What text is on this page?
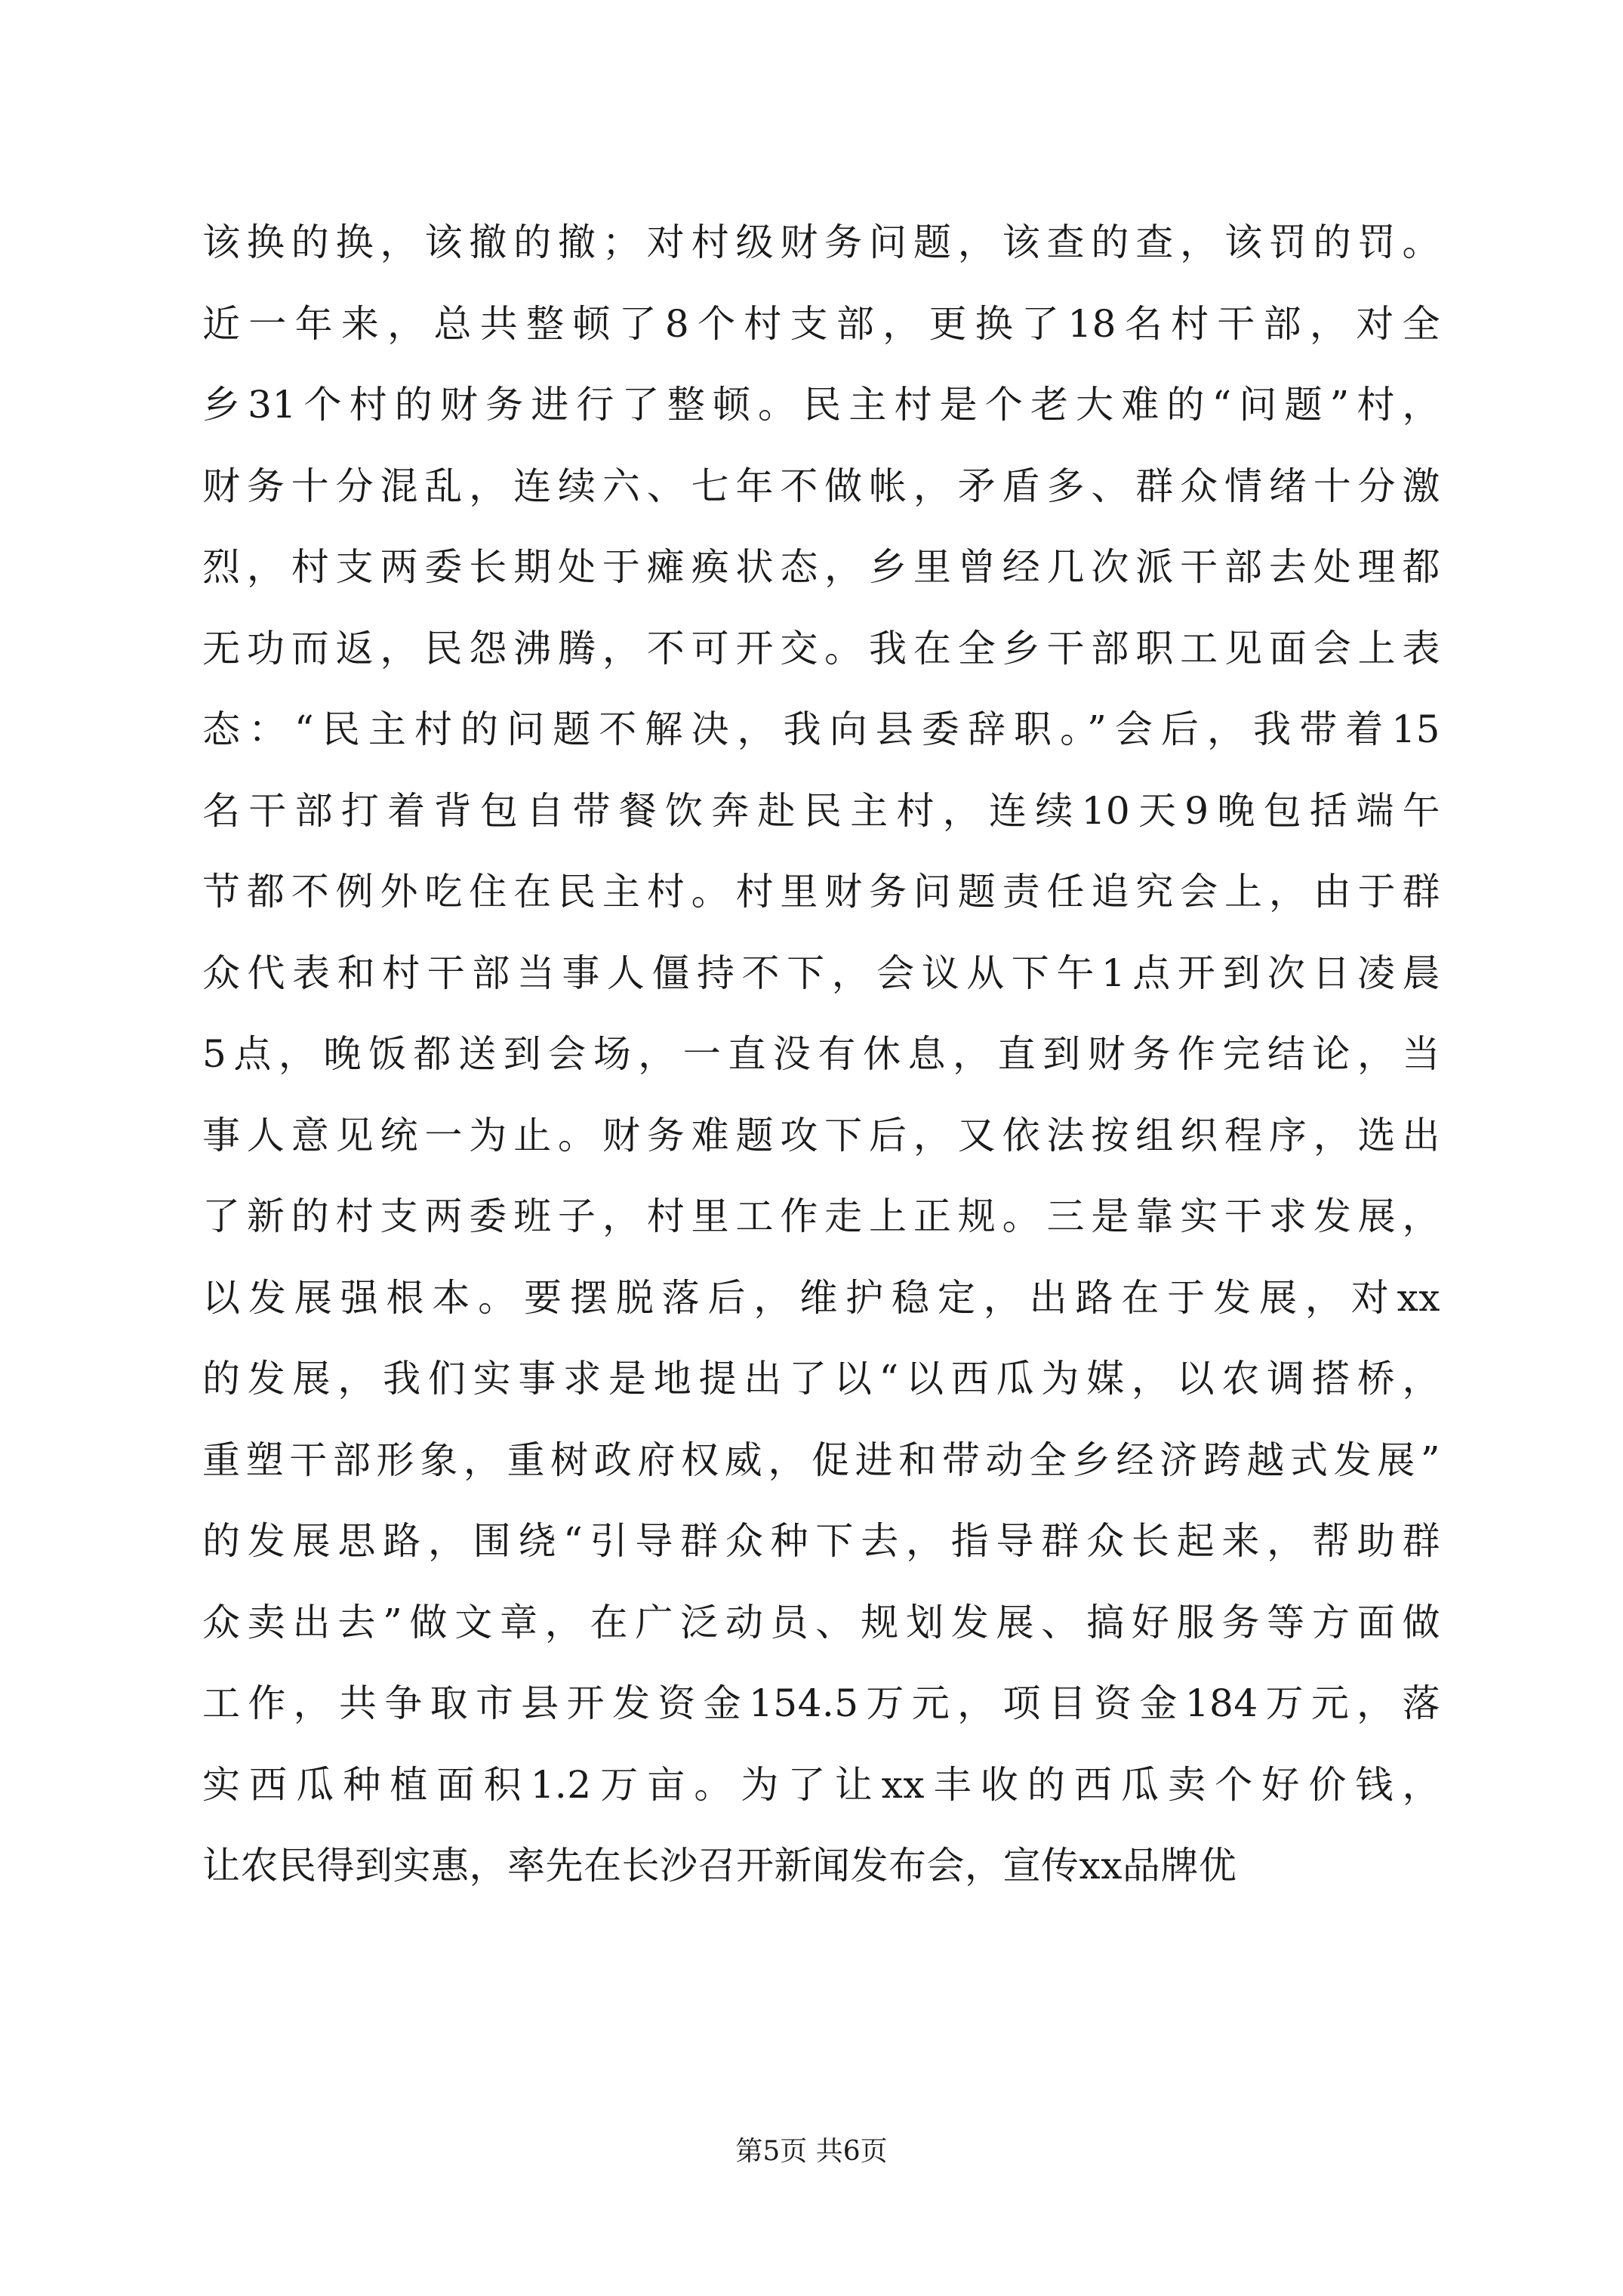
该换的换，该撤的撤；对村级财务问题，该查的查，该罚的罚。
近一年来，总共整顿了8个村支部，更换了18名村干部，对全
乡31个村的财务进行了整顿。民主村是个老大难的“问题”村，
财务十分混乱，连续六、七年不做帐，矛盾多、群众情绪十分激
烈，村支两委长期处于瘫痪状态，乡里曾经几次派干部去处理都
无功而返，民怨沸腾，不可开交。我在全乡干部职工见面会上表
态：“民主村的问题不解决，我向县委辞职。”会后，我带着15
名干部打着背包自带餐饮奔赴民主村，连续10天9晚包括端午
节都不例外吃住在民主村。村里财务问题责任追究会上，由于群
众代表和村干部当事人僵持不下，会议从下午1点开到次日凌晨
5点，晚饭都送到会场，一直没有休息，直到财务作完结论，当
事人意见统一为止。财务难题攻下后，又依法按组织程序，选出
了新的村支两委班子，村里工作走上正规。三是靠实干求发展，
以发展强根本。要摆脱落后，维护稳定，出路在于发展，对xx
的发展，我们实事求是地提出了以“以西瓜为媒，以农调搭桥，
重塑干部形象，重树政府权威，促进和带动全乡经济跨越式发展”
的发展思路，围绕“引导群众种下去，指导群众长起来，帮助群
众卖出去”做文章，在广泛动员、规划发展、搞好服务等方面做
工作，共争取市县开发资金154.5万元，项目资金184万元，落
实西瓜种植面积1.2万亩。为了让xx丰收的西瓜卖个好价钱，
让农民得到实惠，率先在长沙召开新闻发布会，宣传xx品牌优
第5页 共6页
